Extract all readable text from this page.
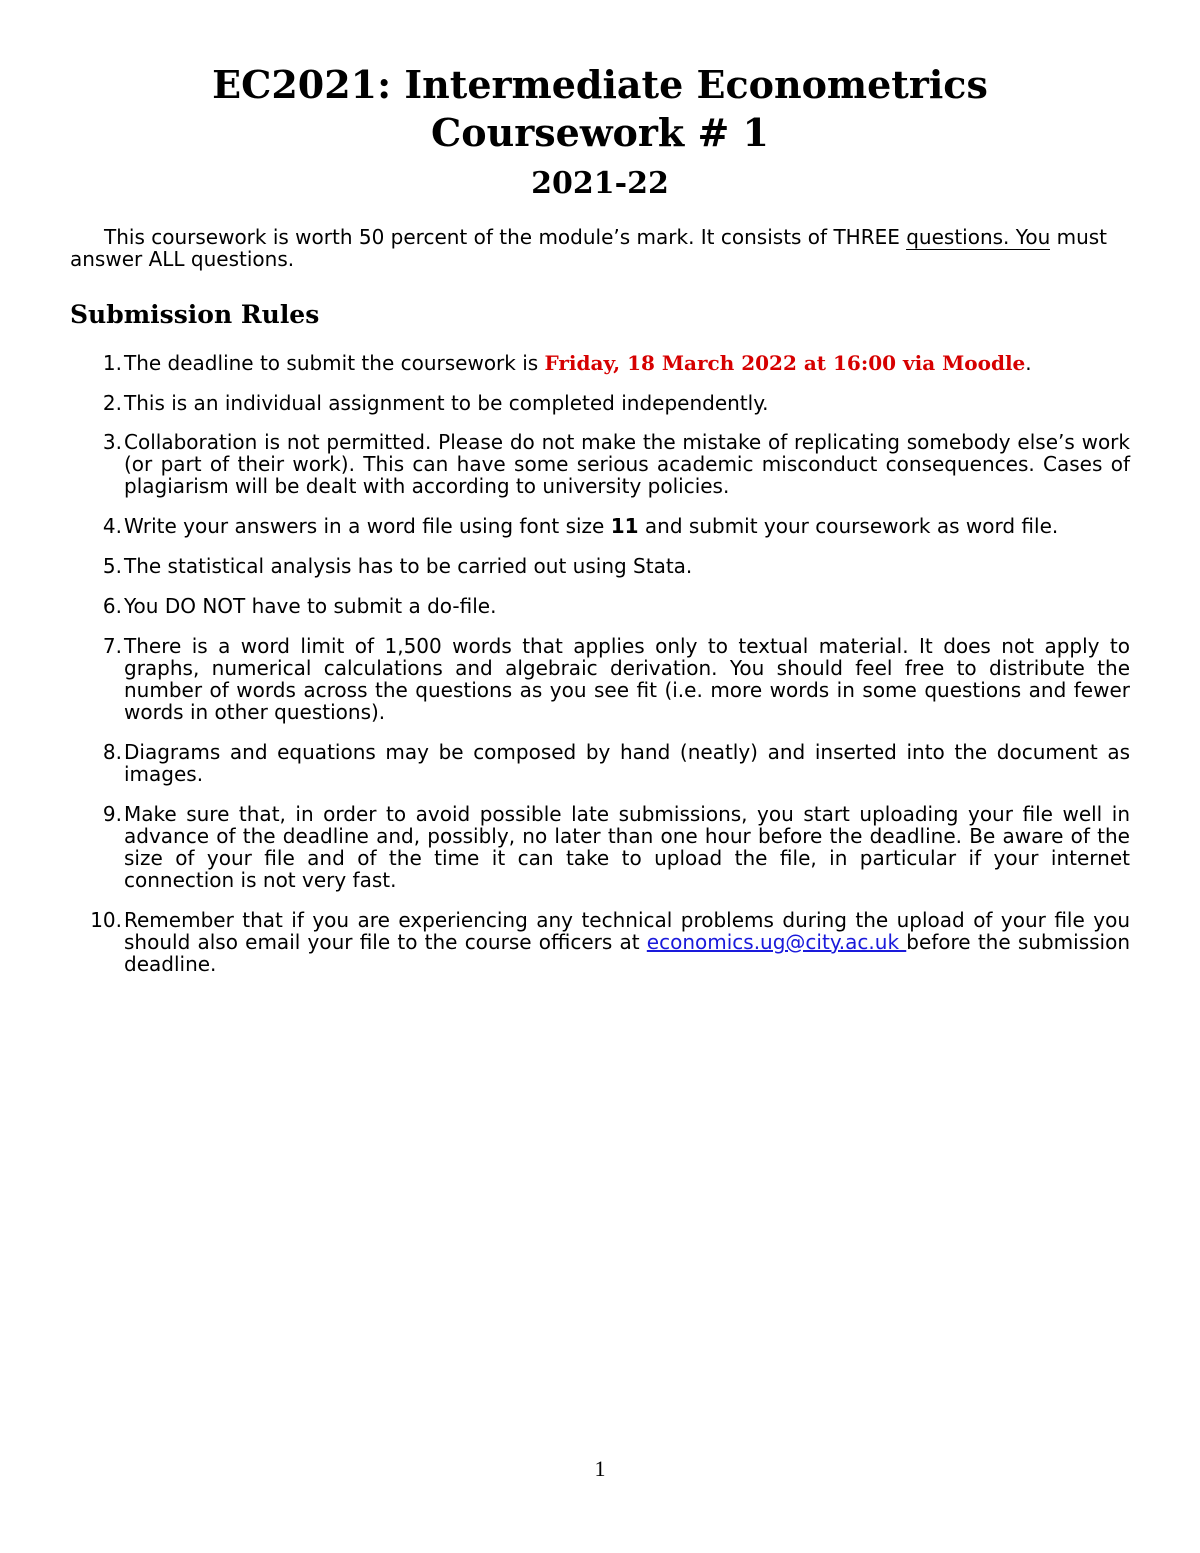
EC2021: Intermediate Econometrics
Coursework # 1
2021-22

This coursework is worth 50 percent of the module’s mark. It consists of THREE questions. You must answer ALL questions.

Submission Rules
1. The deadline to submit the coursework is Friday, 18 March 2022 at 16:00 via Moodle.
2. This is an individual assignment to be completed independently.
3. Collaboration is not permitted. Please do not make the mistake of replicating somebody else’s work (or part of their work). This can have some serious academic misconduct consequences. Cases of plagiarism will be dealt with according to university policies.
4. Write your answers in a word file using font size 11 and submit your coursework as word file.
5. The statistical analysis has to be carried out using Stata.
6. You DO NOT have to submit a do-file.
7. There is a word limit of 1,500 words that applies only to textual material. It does not apply to graphs, numerical calculations and algebraic derivation. You should feel free to distribute the number of words across the questions as you see fit (i.e. more words in some questions and fewer words in other questions).
8. Diagrams and equations may be composed by hand (neatly) and inserted into the document as images.
9. Make sure that, in order to avoid possible late submissions, you start uploading your file well in advance of the deadline and, possibly, no later than one hour before the deadline. Be aware of the size of your file and of the time it can take to upload the file, in particular if your internet connection is not very fast.
10. Remember that if you are experiencing any technical problems during the upload of your file you should also email your file to the course officers at economics.ug@city.ac.uk before the submission deadline.

1
